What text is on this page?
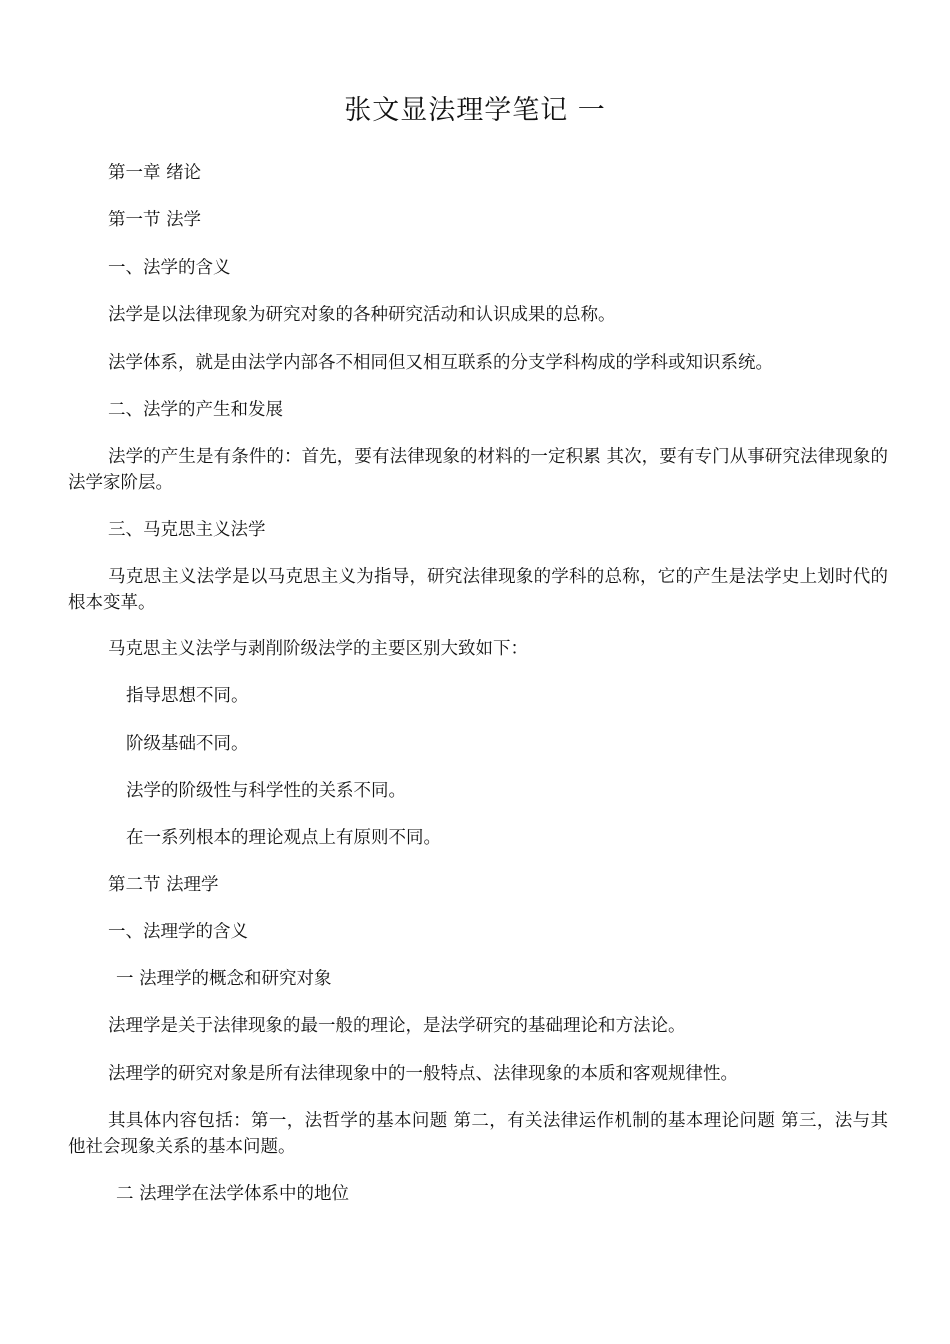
张文显法理学笔记 一

第一章 绪论

第一节 法学

一、法学的含义

法学是以法律现象为研究对象的各种研究活动和认识成果的总称。

法学体系，就是由法学内部各不相同但又相互联系的分支学科构成的学科或知识系统。

二、法学的产生和发展

法学的产生是有条件的：首先，要有法律现象的材料的一定积累 其次，要有专门从事研究法律现象的法学家阶层。

三、马克思主义法学

马克思主义法学是以马克思主义为指导，研究法律现象的学科的总称，它的产生是法学史上划时代的根本变革。

马克思主义法学与剥削阶级法学的主要区别大致如下：

指导思想不同。

阶级基础不同。

法学的阶级性与科学性的关系不同。

在一系列根本的理论观点上有原则不同。

第二节 法理学

一、法理学的含义

一 法理学的概念和研究对象

法理学是关于法律现象的最一般的理论，是法学研究的基础理论和方法论。

法理学的研究对象是所有法律现象中的一般特点、法律现象的本质和客观规律性。

其具体内容包括：第一，法哲学的基本问题 第二，有关法律运作机制的基本理论问题 第三，法与其他社会现象关系的基本问题。

二 法理学在法学体系中的地位
